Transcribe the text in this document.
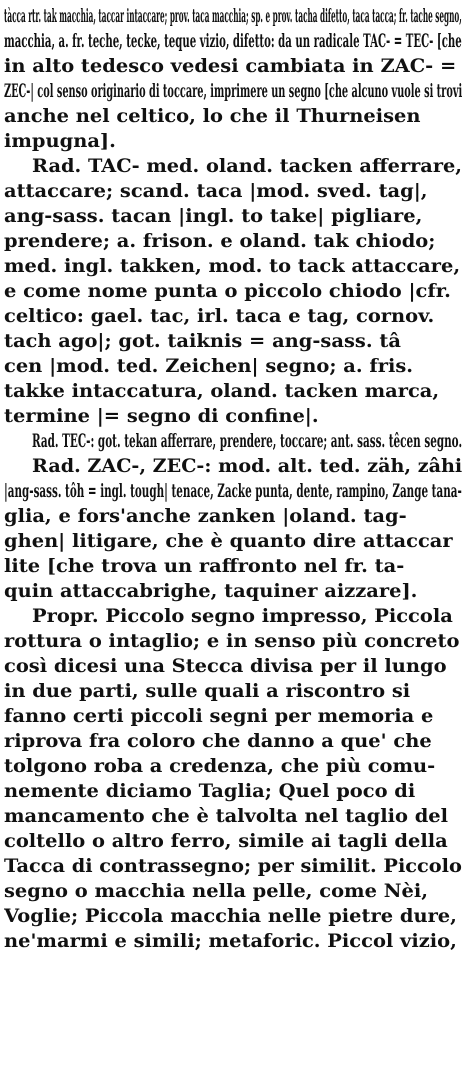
tàcca rtr. tak macchia, taccar intaccare; prov. taca macchia; sp. e prov. tacha difetto, taca tacca; fr. tache segno,
macchia, a. fr. teche, tecke, teque vizio, difetto: da un radicale TAC- = TEC- [che
in alto tedesco vedesi cambiata in ZAC- =
ZEC-| col senso originario di toccare, imprimere un segno [che alcuno vuole si trovi
anche nel celtico, lo che il Thurneisen
impugna].
Rad. TAC- med. oland. tacken afferrare,
attaccare; scand. taca |mod. sved. tag|,
ang-sass. tacan |ingl. to take| pigliare,
prendere; a. frison. e oland. tak chiodo;
med. ingl. takken, mod. to tack attaccare,
e come nome punta o piccolo chiodo |cfr.
celtico: gael. tac, irl. taca e tag, cornov.
tach ago|; got. taiknis = ang-sass. tâ
cen |mod. ted. Zeichen| segno; a. fris.
takke intaccatura, oland. tacken marca,
termine |= segno di confine|.
Rad. TEC-: got. tekan afferrare, prendere, toccare; ant. sass. têcen segno.
Rad. ZAC-, ZEC-: mod. alt. ted. zäh, zâhi
|ang-sass. tôh = ingl. tough| tenace, Zacke punta, dente, rampino, Zange tana-
glia, e fors'anche zanken |oland. tag-
ghen| litigare, che è quanto dire attaccar
lite [che trova un raffronto nel fr. ta-
quin attaccabrighe, taquiner aizzare].
Propr. Piccolo segno impresso, Piccola
rottura o intaglio; e in senso più concreto
così dicesi una Stecca divisa per il lungo
in due parti, sulle quali a riscontro si
fanno certi piccoli segni per memoria e
riprova fra coloro che danno a que' che
tolgono roba a credenza, che più comu-
nemente diciamo Taglia; Quel poco di
mancamento che è talvolta nel taglio del
coltello o altro ferro, simile ai tagli della
Tacca di contrassegno; per similit. Piccolo
segno o macchia nella pelle, come Nèi,
Voglie; Piccola macchia nelle pietre dure,
ne'marmi e simili; metaforic. Piccol vizio,
